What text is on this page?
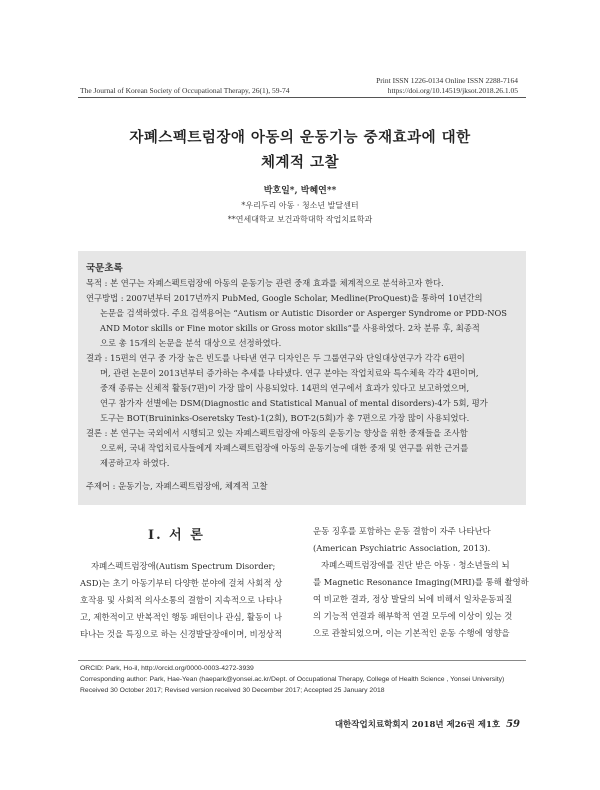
Print ISSN 1226-0134 Online ISSN 2288-7164
The Journal of Korean Society of Occupational Therapy, 26(1), 59-74	https://doi.org/10.14519/jksot.2018.26.1.05
자폐스펙트럼장애 아동의 운동기능 중재효과에 대한
체계적 고찰
박호일*, 박혜연**
*우리두리 아동 · 청소년 발달센터
**연세대학교 보건과학대학 작업치료학과
국문초록
목적 : 본 연구는 자폐스펙트럼장애 아동의 운동기능 관련 중재 효과를 체계적으로 분석하고자 한다.
연구방법 : 2007년부터 2017년까지 PubMed, Google Scholar, Medline(ProQuest)을 통하여 10년간의
논문을 검색하였다. 주요 검색용어는 “Autism or Autistic Disorder or Asperger Syndrome or PDD-NOS
AND Motor skills or Fine motor skills or Gross motor skills”를 사용하였다. 2차 분류 후, 최종적
으로 총 15개의 논문을 분석 대상으로 선정하였다.
결과 : 15편의 연구 중 가장 높은 빈도를 나타낸 연구 디자인은 두 그룹연구와 단일대상연구가 각각 6편이
며, 관련 논문이 2013년부터 증가하는 추세를 나타냈다. 연구 분야는 작업치료와 특수체육 각각 4편이며,
중재 종류는 신체적 활동(7편)이 가장 많이 사용되었다. 14편의 연구에서 효과가 있다고 보고하였으며,
연구 참가자 선별에는 DSM(Diagnostic and Statistical Manual of mental disorders)-4가 5회, 평가
도구는 BOT(Bruininks-Oseretsky Test)-1(2회), BOT-2(5회)가 총 7편으로 가장 많이 사용되었다.
결론 : 본 연구는 국외에서 시행되고 있는 자폐스펙트럼장애 아동의 운동기능 향상을 위한 중재들을 조사함
으로써, 국내 작업치료사들에게 자폐스펙트럼장애 아동의 운동기능에 대한 중재 및 연구를 위한 근거를
제공하고자 하였다.
주제어 : 운동기능, 자폐스펙트럼장애, 체계적 고찰
Ⅰ. 서 론
자폐스펙트럼장애(Autism Spectrum Disorder;
ASD)는 초기 아동기부터 다양한 분야에 걸쳐 사회적 상
호작용 및 사회적 의사소통의 결함이 지속적으로 나타나
고, 제한적이고 반복적인 행동 패턴이나 관심, 활동이 나
타나는 것을 특징으로 하는 신경발달장애이며, 비정상적
운동 징후를 포함하는 운동 결함이 자주 나타난다
(American Psychiatric Association, 2013).
자폐스펙트럼장애를 진단 받은 아동 · 청소년들의 뇌
를 Magnetic Resonance Imaging(MRI)를 통해 촬영하
여 비교한 결과, 정상 발달의 뇌에 비해서 일차운동피질
의 기능적 연결과 해부학적 연결 모두에 이상이 있는 것
으로 관찰되었으며, 이는 기본적인 운동 수행에 영향을
ORCID: Park, Ho-il, http://orcid.org/0000-0003-4272-3939
Corresponding author: Park, Hae-Yean (haepark@yonsei.ac.kr/Dept. of Occupational Therapy, College of Health Science , Yonsei University)
Received 30 October 2017; Revised version received 30 December 2017; Accepted 25 January 2018
대한작업치료학회지 2018년 제26권 제1호 59
